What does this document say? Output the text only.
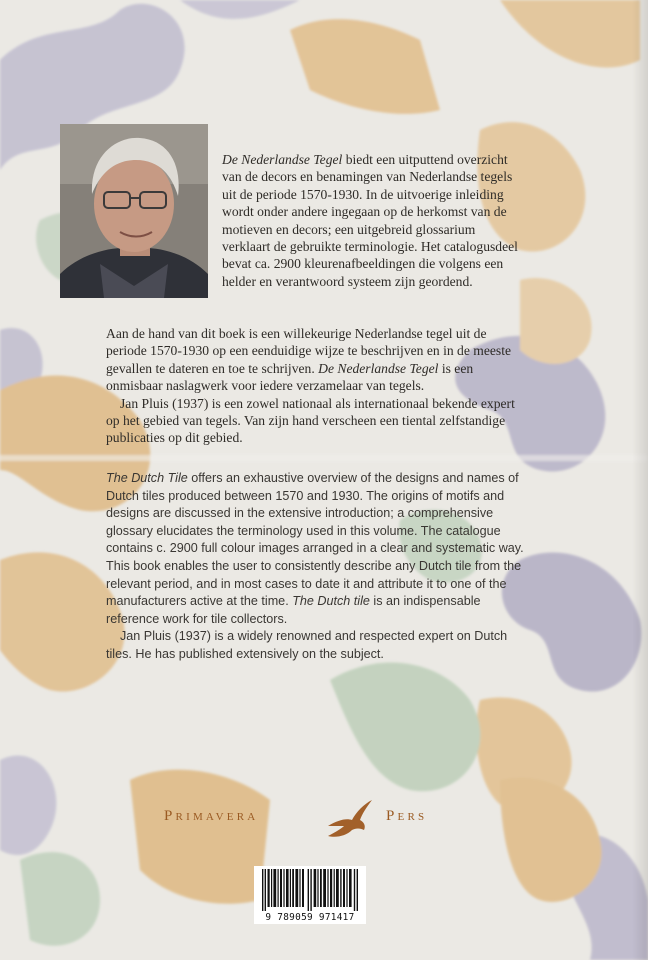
De Nederlandse Tegel biedt een uitputtend overzicht van de decors en benamingen van Nederlandse tegels uit de periode 1570-1930. In de uitvoerige inleiding wordt onder andere ingegaan op de herkomst van de motieven en decors; een uitgebreid glossarium verklaart de gebruikte terminologie. Het catalogusdeel bevat ca. 2900 kleurenafbeeldingen die volgens een helder en verantwoord systeem zijn geordend.

Aan de hand van dit boek is een willekeurige Nederlandse tegel uit de periode 1570-1930 op een eenduidige wijze te beschrijven en in de meeste gevallen te dateren en toe te schrijven. De Nederlandse Tegel is een onmisbaar naslagwerk voor iedere verzamelaar van tegels.

Jan Pluis (1937) is een zowel nationaal als internationaal bekende expert op het gebied van tegels. Van zijn hand verscheen een tiental zelfstandige publicaties op dit gebied.

The Dutch Tile offers an exhaustive overview of the designs and names of Dutch tiles produced between 1570 and 1930. The origins of motifs and designs are discussed in the extensive introduction; a comprehensive glossary elucidates the terminology used in this volume. The catalogue contains c. 2900 full colour images arranged in a clear and systematic way. This book enables the user to consistently describe any Dutch tile from the relevant period, and in most cases to date it and attribute it to one of the manufacturers active at the time. The Dutch tile is an indispensable reference work for tile collectors.

Jan Pluis (1937) is a widely renowned and respected expert on Dutch tiles. He has published extensively on the subject.

Primavera	Pers
9 789059 971417
